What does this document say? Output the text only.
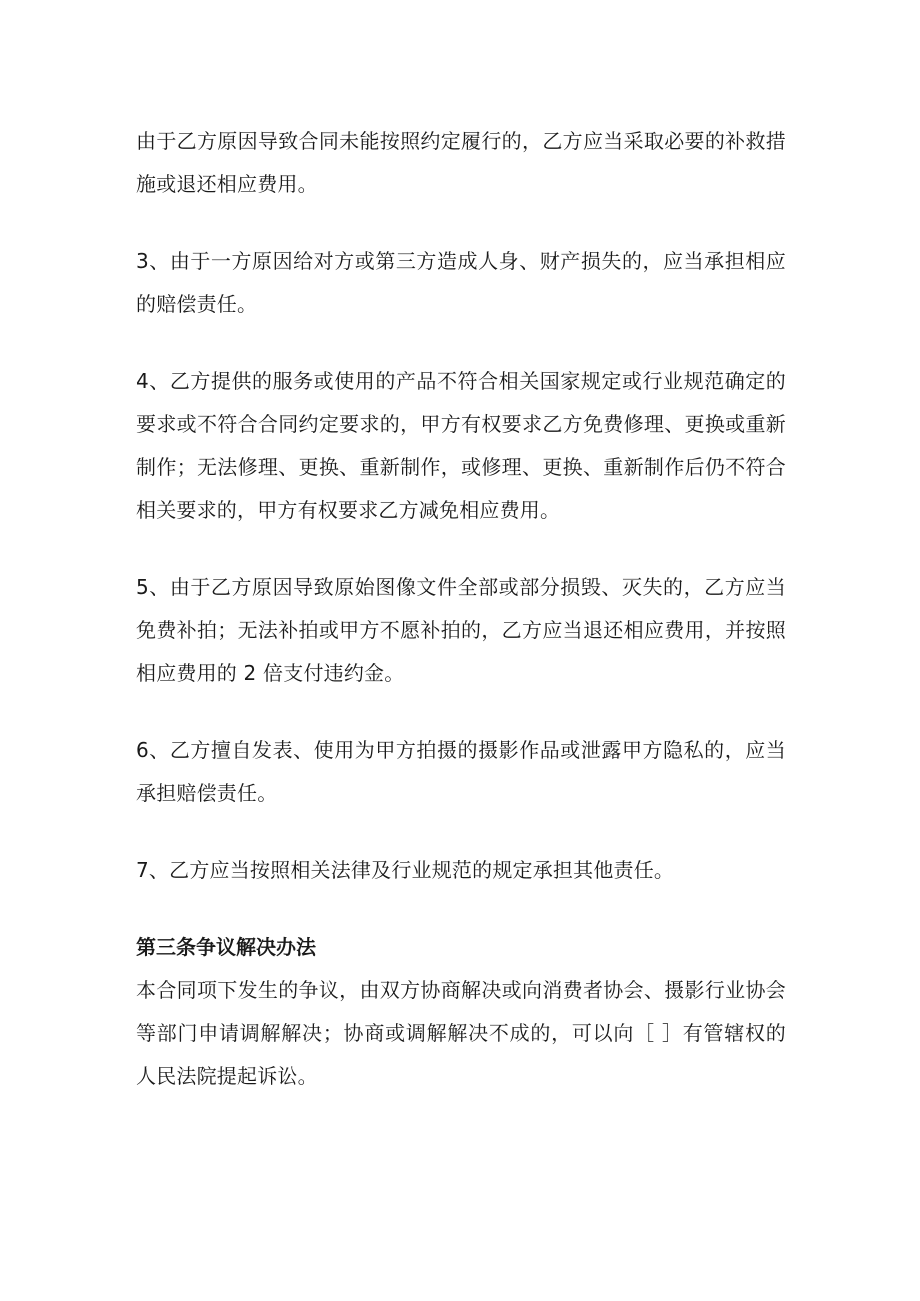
由于乙方原因导致合同未能按照约定履行的，乙方应当采取必要的补救措施或退还相应费用。

3、由于一方原因给对方或第三方造成人身、财产损失的，应当承担相应的赔偿责任。

4、乙方提供的服务或使用的产品不符合相关国家规定或行业规范确定的要求或不符合合同约定要求的，甲方有权要求乙方免费修理、更换或重新制作；无法修理、更换、重新制作，或修理、更换、重新制作后仍不符合相关要求的，甲方有权要求乙方减免相应费用。

5、由于乙方原因导致原始图像文件全部或部分损毁、灭失的，乙方应当免费补拍；无法补拍或甲方不愿补拍的，乙方应当退还相应费用，并按照相应费用的 2 倍支付违约金。

6、乙方擅自发表、使用为甲方拍摄的摄影作品或泄露甲方隐私的，应当承担赔偿责任。

7、乙方应当按照相关法律及行业规范的规定承担其他责任。

第三条争议解决办法

本合同项下发生的争议，由双方协商解决或向消费者协会、摄影行业协会等部门申请调解解决；协商或调解解决不成的，可以向［ ］有管辖权的人民法院提起诉讼。
